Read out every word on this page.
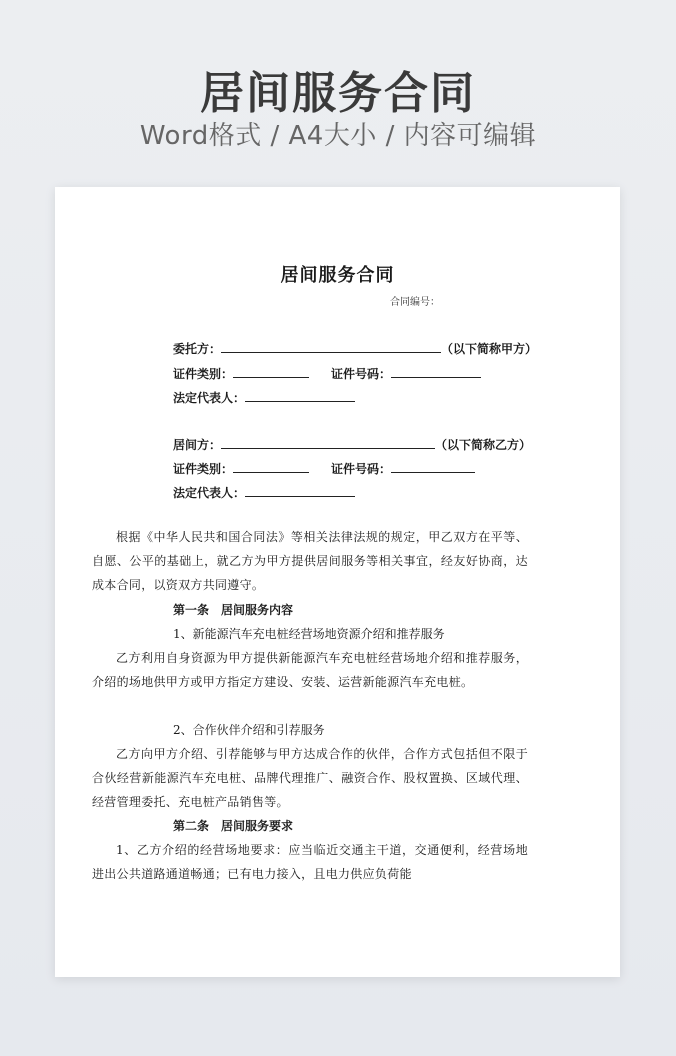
居间服务合同
Word格式 / A4大小 / 内容可编辑
居间服务合同
合同编号：
委托方：	（以下简称甲方）
证件类别：	证件号码：
法定代表人：
居间方：	（以下简称乙方）
证件类别：	证件号码：
法定代表人：
根据《中华人民共和国合同法》等相关法律法规的规定，甲乙双方在平等、自愿、公平的基础上，就乙方为甲方提供居间服务等相关事宜，经友好协商，达成本合同，以资双方共同遵守。
第一条　居间服务内容
1、新能源汽车充电桩经营场地资源介绍和推荐服务
乙方利用自身资源为甲方提供新能源汽车充电桩经营场地介绍和推荐服务，介绍的场地供甲方或甲方指定方建设、安装、运营新能源汽车充电桩。
2、合作伙伴介绍和引荐服务
乙方向甲方介绍、引荐能够与甲方达成合作的伙伴，合作方式包括但不限于合伙经营新能源汽车充电桩、品牌代理推广、融资合作、股权置换、区域代理、经营管理委托、充电桩产品销售等。
第二条　居间服务要求
1、乙方介绍的经营场地要求：应当临近交通主干道，交通便利，经营场地进出公共道路通道畅通；已有电力接入，且电力供应负荷能
